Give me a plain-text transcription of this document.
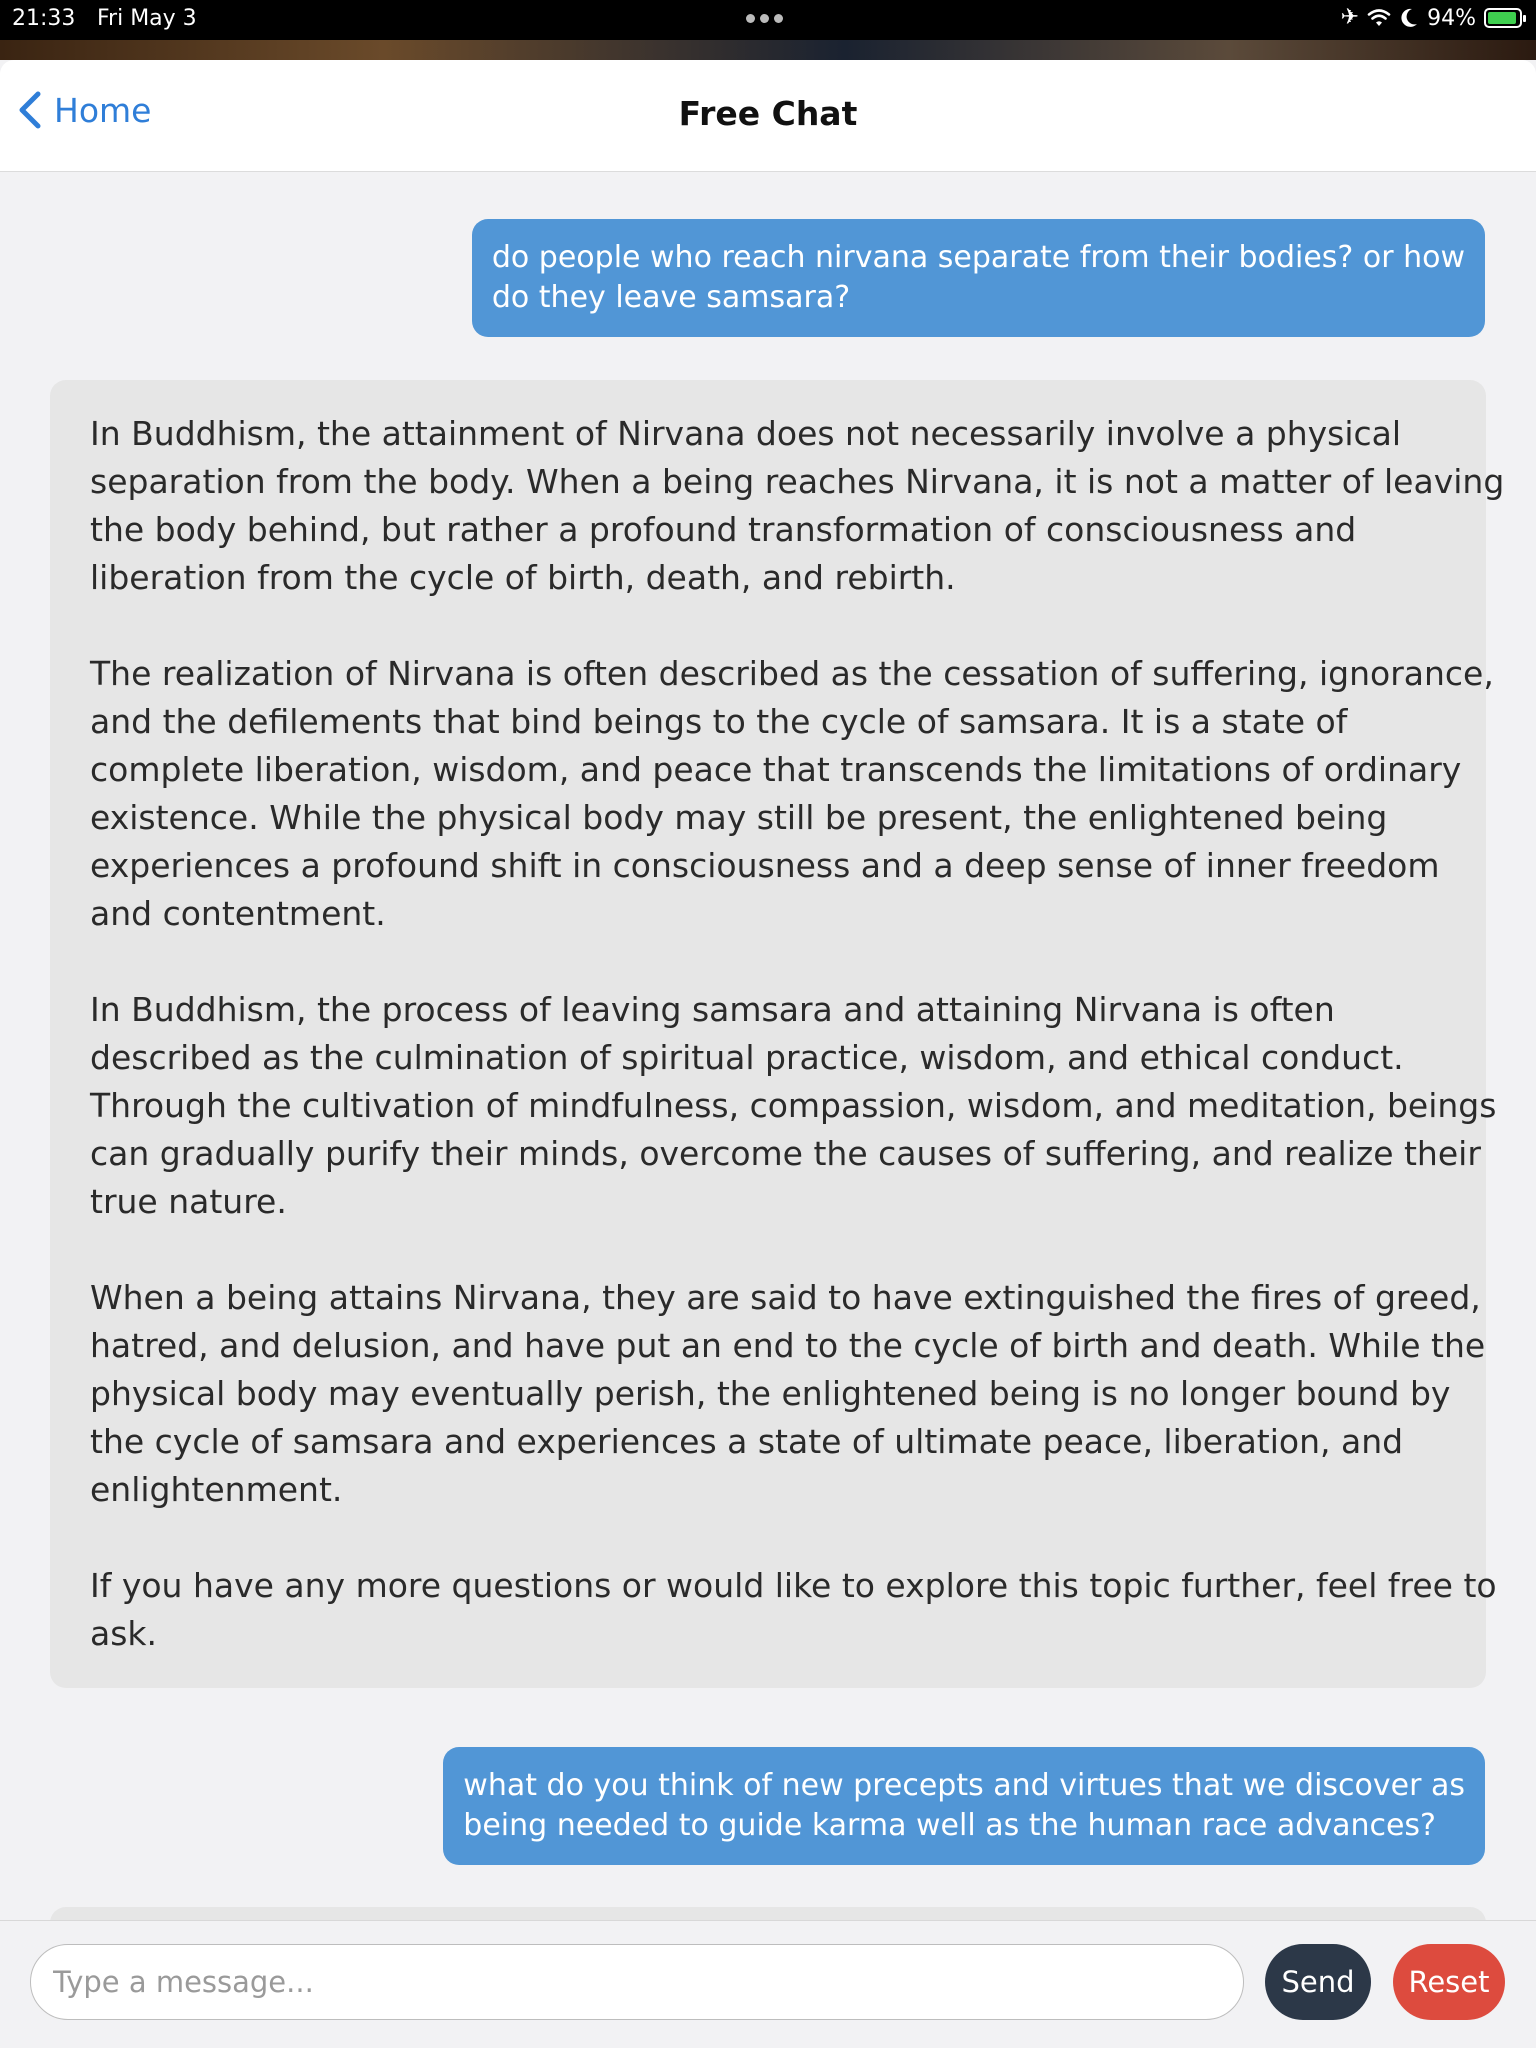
21:33 Fri May 3	✈	94%
Home	Free Chat
do people who reach nirvana separate from their bodies? or how
do they leave samsara?

In Buddhism, the attainment of Nirvana does not necessarily involve a physical
separation from the body. When a being reaches Nirvana, it is not a matter of leaving
the body behind, but rather a profound transformation of consciousness and
liberation from the cycle of birth, death, and rebirth.

The realization of Nirvana is often described as the cessation of suffering, ignorance,
and the defilements that bind beings to the cycle of samsara. It is a state of
complete liberation, wisdom, and peace that transcends the limitations of ordinary
existence. While the physical body may still be present, the enlightened being
experiences a profound shift in consciousness and a deep sense of inner freedom
and contentment.

In Buddhism, the process of leaving samsara and attaining Nirvana is often
described as the culmination of spiritual practice, wisdom, and ethical conduct.
Through the cultivation of mindfulness, compassion, wisdom, and meditation, beings
can gradually purify their minds, overcome the causes of suffering, and realize their
true nature.

When a being attains Nirvana, they are said to have extinguished the fires of greed,
hatred, and delusion, and have put an end to the cycle of birth and death. While the
physical body may eventually perish, the enlightened being is no longer bound by
the cycle of samsara and experiences a state of ultimate peace, liberation, and
enlightenment.

If you have any more questions or would like to explore this topic further, feel free to
ask.

what do you think of new precepts and virtues that we discover as
being needed to guide karma well as the human race advances?
Type a message...
Send	Reset
